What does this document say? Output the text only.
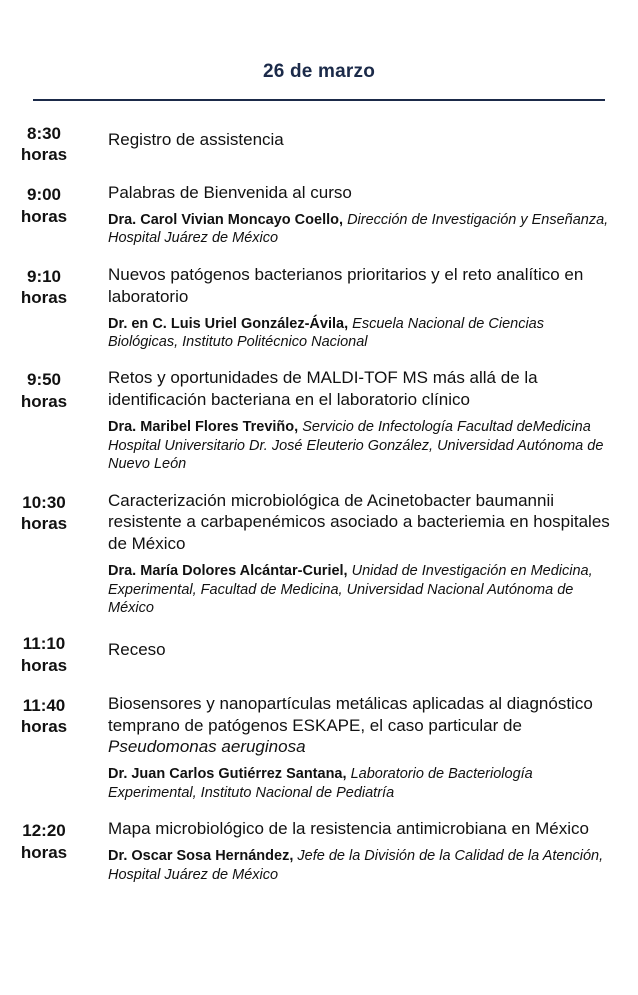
26 de marzo
8:30
horas
Registro de assistencia
9:00
horas
Palabras de Bienvenida al curso
Dra. Carol Vivian Moncayo Coello, Dirección de Investigación y Enseñanza, Hospital Juárez de México
9:10
horas
Nuevos patógenos bacterianos prioritarios y el reto analítico en laboratorio
Dr. en C. Luis Uriel González-Ávila, Escuela Nacional de Ciencias Biológicas, Instituto Politécnico Nacional
9:50
horas
Retos y oportunidades de MALDI-TOF MS más allá de la identificación bacteriana en el laboratorio clínico
Dra. Maribel Flores Treviño, Servicio de Infectología Facultad deMedicina Hospital Universitario Dr. José Eleuterio González, Universidad Autónoma de Nuevo León
10:30
horas
Caracterización microbiológica de Acinetobacter baumannii resistente a carbapenémicos asociado a bacteriemia en hospitales de México
Dra. María Dolores Alcántar-Curiel, Unidad de Investigación en Medicina, Experimental, Facultad de Medicina, Universidad Nacional Autónoma de México
11:10
horas
Receso
11:40
horas
Biosensores y nanopartículas metálicas aplicadas al diagnóstico temprano de patógenos ESKAPE, el caso particular de Pseudomonas aeruginosa
Dr. Juan Carlos Gutiérrez Santana, Laboratorio de Bacteriología Experimental, Instituto Nacional de Pediatría
12:20
horas
Mapa microbiológico de la resistencia antimicrobiana en México
Dr. Oscar Sosa Hernández, Jefe de la División de la Calidad de la Atención, Hospital Juárez de México
